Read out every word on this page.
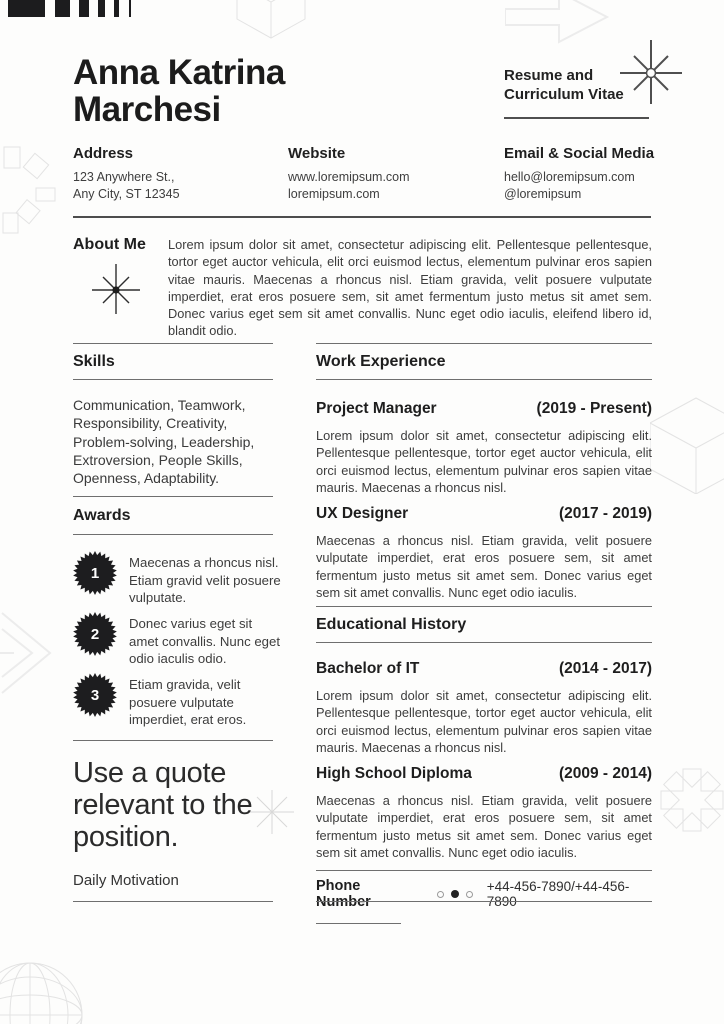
Anna Katrina
Marchesi
Resume and Curriculum Vitae
Address

123 Anywhere St.,
Any City, ST 12345

Website

www.loremipsum.com
loremipsum.com

Email & Social Media

hello@loremipsum.com
@loremipsum

About Me Lorem ipsum dolor sit amet, consectetur adipiscing elit. Pellentesque pellentesque, tortor eget auctor vehicula, elit orci euismod lectus, elementum pulvinar eros sapien vitae mauris. Maecenas a rhoncus nisl. Etiam gravida, velit posuere vulputate imperdiet, erat eros posuere sem, sit amet fermentum justo metus sit amet sem. Donec varius eget sem sit amet convallis. Nunc eget odio iaculis, eleifend libero id, blandit odio.
Skills
Communication, Teamwork, Responsibility, Creativity, Problem-solving, Leadership, Extroversion, People Skills, Openness, Adaptability.
Awards
1
Maecenas a rhoncus nisl. Etiam gravid velit posuere vulputate.
2
Donec varius eget sit amet convallis. Nunc eget odio iaculis odio.
3
Etiam gravida, velit posuere vulputate imperdiet, erat eros.
Use a quote relevant to the position.
Daily Motivation
Work Experience
Project Manager	(2019 - Present)
Lorem ipsum dolor sit amet, consectetur adipiscing elit. Pellentesque pellentesque, tortor eget auctor vehicula, elit orci euismod lectus, elementum pulvinar eros sapien vitae mauris. Maecenas a rhoncus nisl.
UX Designer	(2017 - 2019)
Maecenas a rhoncus nisl. Etiam gravida, velit posuere vulputate imperdiet, erat eros posuere sem, sit amet fermentum justo metus sit amet sem. Donec varius eget sem sit amet convallis. Nunc eget odio iaculis.
Educational History
Bachelor of IT	(2014 - 2017)
Lorem ipsum dolor sit amet, consectetur adipiscing elit. Pellentesque pellentesque, tortor eget auctor vehicula, elit orci euismod lectus, elementum pulvinar eros sapien vitae mauris. Maecenas a rhoncus nisl.
High School Diploma	(2009 - 2014)
Maecenas a rhoncus nisl. Etiam gravida, velit posuere vulputate imperdiet, erat eros posuere sem, sit amet fermentum justo metus sit amet sem. Donec varius eget sem sit amet convallis. Nunc eget odio iaculis.
Phone Number
+44-456-7890/+44-456-7890
